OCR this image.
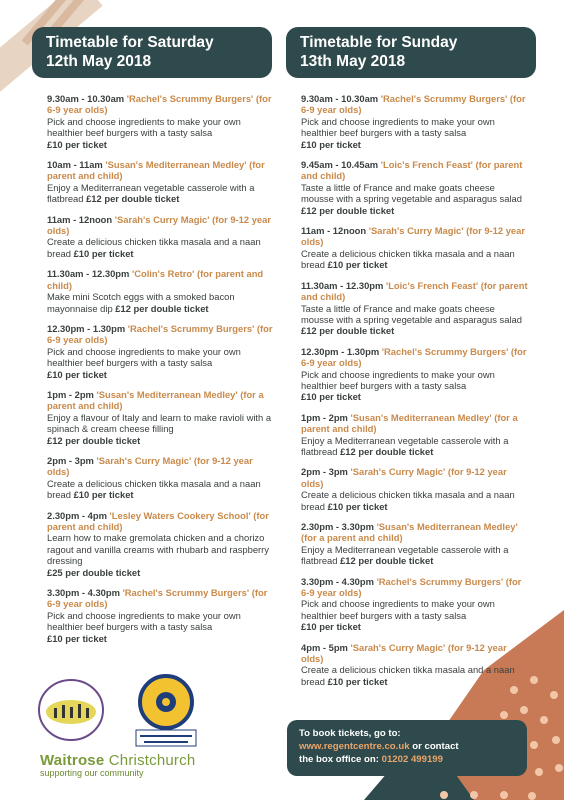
Timetable for Saturday
12th May 2018
Timetable for Sunday
13th May 2018
9.30am - 10.30am 'Rachel's Scrummy Burgers' (for 6-9 year olds)
Pick and choose ingredients to make your own healthier beef burgers with a tasty salsa
£10 per ticket
10am - 11am 'Susan's Mediterranean Medley' (for parent and child)
Enjoy a Mediterranean vegetable casserole with a flatbread £12 per double ticket
11am - 12noon 'Sarah's Curry Magic' (for 9-12 year olds)
Create a delicious chicken tikka masala and a naan bread £10 per ticket
11.30am - 12.30pm 'Colin's Retro' (for parent and child)
Make mini Scotch eggs with a smoked bacon mayonnaise dip £12 per double ticket
12.30pm - 1.30pm 'Rachel's Scrummy Burgers' (for 6-9 year olds)
Pick and choose ingredients to make your own healthier beef burgers with a tasty salsa
£10 per ticket
1pm - 2pm 'Susan's Mediterranean Medley' (for a parent and child)
Enjoy a flavour of Italy and learn to make ravioli with a spinach & cream cheese filling
£12 per double ticket
2pm - 3pm 'Sarah's Curry Magic' (for 9-12 year olds)
Create a delicious chicken tikka masala and a naan bread £10 per ticket
2.30pm - 4pm 'Lesley Waters Cookery School' (for parent and child)
Learn how to make gremolata chicken and a chorizo ragout and vanilla creams with rhubarb and raspberry dressing
£25 per double ticket
3.30pm - 4.30pm 'Rachel's Scrummy Burgers' (for 6-9 year olds)
Pick and choose ingredients to make your own healthier beef burgers with a tasty salsa
£10 per ticket
9.30am - 10.30am 'Rachel's Scrummy Burgers' (for 6-9 year olds)
Pick and choose ingredients to make your own healthier beef burgers with a tasty salsa
£10 per ticket
9.45am - 10.45am 'Loic's French Feast' (for parent and child)
Taste a little of France and make goats cheese mousse with a spring vegetable and asparagus salad £12 per double ticket
11am - 12noon 'Sarah's Curry Magic' (for 9-12 year olds)
Create a delicious chicken tikka masala and a naan bread £10 per ticket
11.30am - 12.30pm 'Loic's French Feast' (for parent and child)
Taste a little of France and make goats cheese mousse with a spring vegetable and asparagus salad £12 per double ticket
12.30pm - 1.30pm 'Rachel's Scrummy Burgers' (for 6-9 year olds)
Pick and choose ingredients to make your own healthier beef burgers with a tasty salsa
£10 per ticket
1pm - 2pm 'Susan's Mediterranean Medley' (for a parent and child)
Enjoy a Mediterranean vegetable casserole with a flatbread £12 per double ticket
2pm - 3pm 'Sarah's Curry Magic' (for 9-12 year olds)
Create a delicious chicken tikka masala and a naan bread £10 per ticket
2.30pm - 3.30pm 'Susan's Mediterranean Medley' (for a parent and child)
Enjoy a Mediterranean vegetable casserole with a flatbread £12 per double ticket
3.30pm - 4.30pm 'Rachel's Scrummy Burgers' (for 6-9 year olds)
Pick and choose ingredients to make your own healthier beef burgers with a tasty salsa
£10 per ticket
4pm - 5pm 'Sarah's Curry Magic' (for 9-12 year olds)
Create a delicious chicken tikka masala and a naan bread £10 per ticket
Waitrose Christchurch
supporting our community
To book tickets, go to:
www.regentcentre.co.uk or contact
the box office on: 01202 499199
